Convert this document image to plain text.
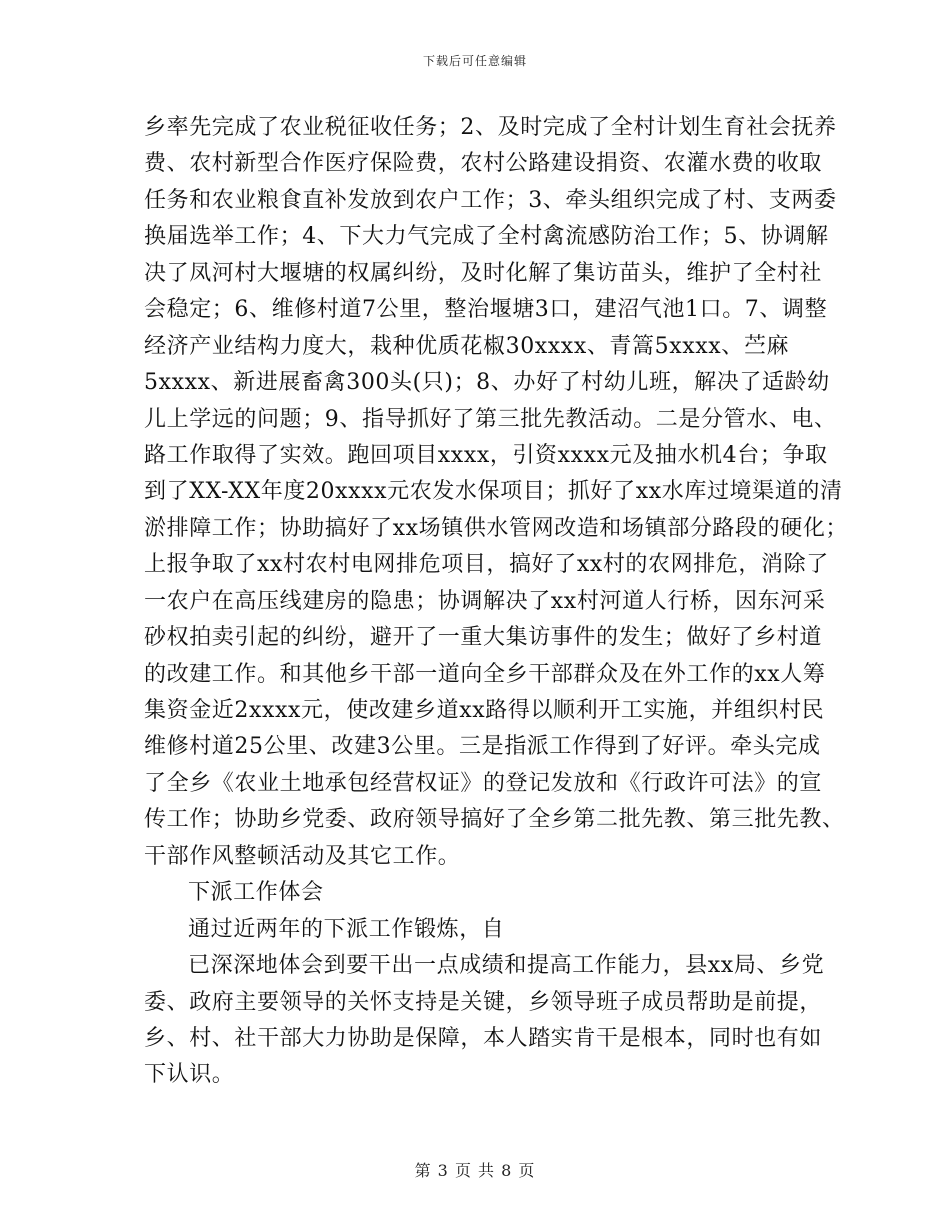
下载后可任意编辑
乡率先完成了农业税征收任务；2、及时完成了全村计划生育社会抚养
费、农村新型合作医疗保险费，农村公路建设捐资、农灌水费的收取
任务和农业粮食直补发放到农户工作；3、牵头组织完成了村、支两委
换届选举工作；4、下大力气完成了全村禽流感防治工作；5、协调解
决了凤河村大堰塘的权属纠纷，及时化解了集访苗头，维护了全村社
会稳定；6、维修村道7公里，整治堰塘3口，建沼气池1口。7、调整
经济产业结构力度大，栽种优质花椒30xxxx、青篙5xxxx、苎麻
5xxxx、新进展畜禽300头(只)；8、办好了村幼儿班，解决了适龄幼
儿上学远的问题；9、指导抓好了第三批先教活动。二是分管水、电、
路工作取得了实效。跑回项目xxxx，引资xxxx元及抽水机4台；争取
到了XX-XX年度20xxxx元农发水保项目；抓好了xx水库过境渠道的清
淤排障工作；协助搞好了xx场镇供水管网改造和场镇部分路段的硬化；
上报争取了xx村农村电网排危项目，搞好了xx村的农网排危，消除了
一农户在高压线建房的隐患；协调解决了xx村河道人行桥，因东河采
砂权拍卖引起的纠纷，避开了一重大集访事件的发生；做好了乡村道
的改建工作。和其他乡干部一道向全乡干部群众及在外工作的xx人筹
集资金近2xxxx元，使改建乡道xx路得以顺利开工实施，并组织村民
维修村道25公里、改建3公里。三是指派工作得到了好评。牵头完成
了全乡《农业土地承包经营权证》的登记发放和《行政许可法》的宣
传工作；协助乡党委、政府领导搞好了全乡第二批先教、第三批先教、
干部作风整顿活动及其它工作。
下派工作体会
通过近两年的下派工作锻炼，自
已深深地体会到要干出一点成绩和提高工作能力，县xx局、乡党
委、政府主要领导的关怀支持是关键，乡领导班子成员帮助是前提，
乡、村、社干部大力协助是保障，本人踏实肯干是根本，同时也有如
下认识。
第 3 页 共 8 页
